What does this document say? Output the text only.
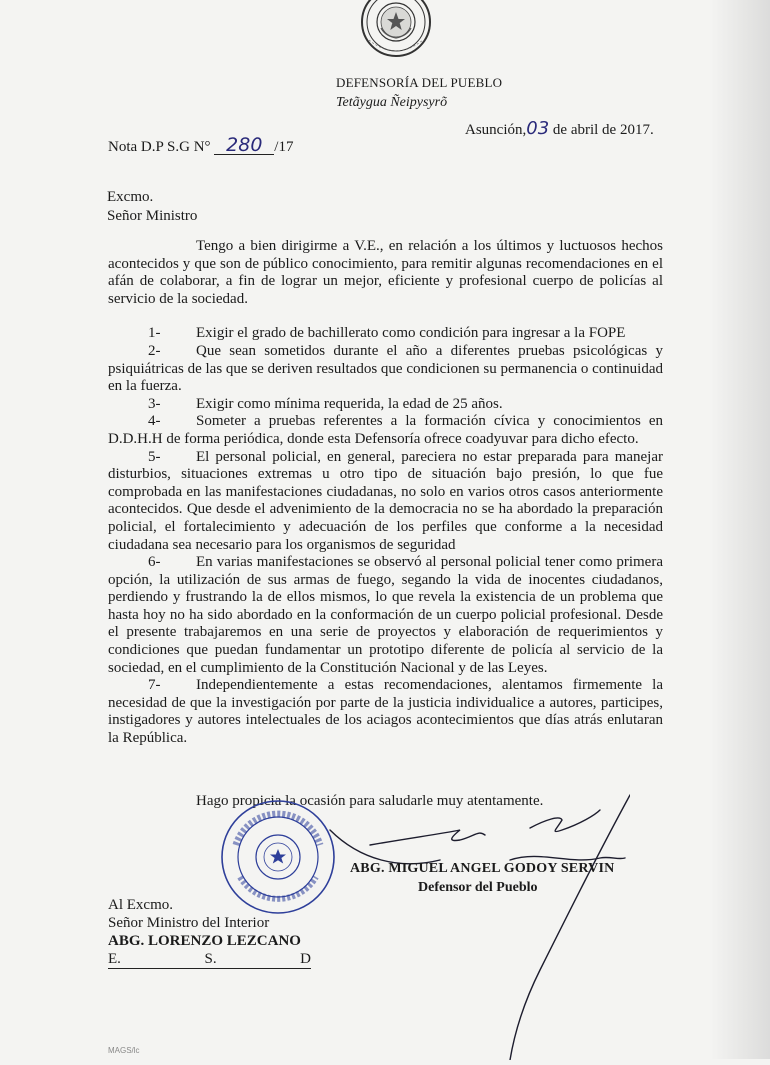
DEFENSORÍA DEL PUEBLO
Tetãygua Ñeipysyrõ
Asunción,03 de abril de 2017.
Nota D.P S.G N° 280 /17
Excmo.
Señor Ministro

Tengo a bien dirigirme a V.E., en relación a los últimos y luctuosos hechos acontecidos y que son de público conocimiento, para remitir algunas recomendaciones en el afán de colaborar, a fin de lograr un mejor, eficiente y profesional cuerpo de policías al servicio de la sociedad.

1- Exigir el grado de bachillerato como condición para ingresar a la FOPE

2- Que sean sometidos durante el año a diferentes pruebas psicológicas y psiquiátricas de las que se deriven resultados que condicionen su permanencia o continuidad en la fuerza.

3- Exigir como mínima requerida, la edad de 25 años.

4- Someter a pruebas referentes a la formación cívica y conocimientos en D.D.H.H de forma periódica, donde esta Defensoría ofrece coadyuvar para dicho efecto.

5- El personal policial, en general, pareciera no estar preparada para manejar disturbios, situaciones extremas u otro tipo de situación bajo presión, lo que fue comprobada en las manifestaciones ciudadanas, no solo en varios otros casos anteriormente acontecidos. Que desde el advenimiento de la democracia no se ha abordado la preparación policial, el fortalecimiento y adecuación de los perfiles que conforme a la necesidad ciudadana sea necesario para los organismos de seguridad

6- En varias manifestaciones se observó al personal policial tener como primera opción, la utilización de sus armas de fuego, segando la vida de inocentes ciudadanos, perdiendo y frustrando la de ellos mismos, lo que revela la existencia de un problema que hasta hoy no ha sido abordado en la conformación de un cuerpo policial profesional. Desde el presente trabajaremos en una serie de proyectos y elaboración de requerimientos y condiciones que puedan fundamentar un prototipo diferente de policía al servicio de la sociedad, en el cumplimiento de la Constitución Nacional y de las Leyes.

7- Independientemente a estas recomendaciones, alentamos firmemente la necesidad de que la investigación por parte de la justicia individualice a autores, participes, instigadores y autores intelectuales de los aciagos acontecimientos que días atrás enlutaran la República.

Hago propicia la ocasión para saludarle muy atentamente.
ABG. MIGUEL ANGEL GODOY SERVIN
Defensor del Pueblo
Al Excmo.
Señor Ministro del Interior
ABG. LORENZO LEZCANO
E.	S.	D
MAGS/lc
